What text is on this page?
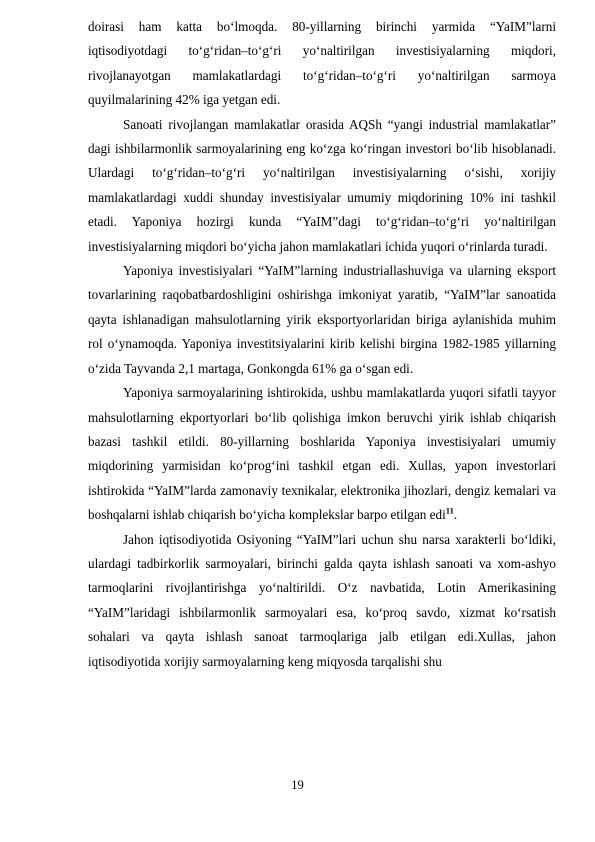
doirasi ham katta bo‘lmoqda. 80-yillarning birinchi yarmida “YaIM”larni iqtisodiyotdagi to‘g‘ridan–to‘g‘ri yo‘naltirilgan investisiyalarning miqdori, rivojlanayotgan mamlakatlardagi to‘g‘ridan–to‘g‘ri yo‘naltirilgan sarmoya quyilmalarining 42% iga yetgan edi.

Sanoati rivojlangan mamlakatlar orasida AQSh “yangi industrial mamlakatlar” dagi ishbilarmonlik sarmoyalarining eng ko‘zga ko‘ringan investori bo‘lib hisoblanadi. Ulardagi to‘g‘ridan–to‘g‘ri yo‘naltirilgan investisiyalarning o‘sishi, xorijiy mamlakatlardagi xuddi shunday investisiyalar umumiy miqdorining 10% ini tashkil etadi. Yaponiya hozirgi kunda “YaIM”dagi to‘g‘ridan–to‘g‘ri yo‘naltirilgan investisiyalarning miqdori bo‘yicha jahon mamlakatlari ichida yuqori o‘rinlarda turadi.

Yaponiya investisiyalari “YaIM”larning industriallashuviga va ularning eksport tovarlarining raqobatbardoshligini oshirishga imkoniyat yaratib, “YaIM”lar sanoatida qayta ishlanadigan mahsulotlarning yirik eksportyorlaridan biriga aylanishida muhim rol o‘ynamoqda. Yaponiya investitsiyalarini kirib kelishi birgina 1982-1985 yillarning o‘zida Tayvanda 2,1 martaga, Gonkongda 61% ga o‘sgan edi.

Yaponiya sarmoyalarining ishtirokida, ushbu mamlakatlarda yuqori sifatli tayyor mahsulotlarning ekportyorlari bo‘lib qolishiga imkon beruvchi yirik ishlab chiqarish bazasi tashkil etildi. 80-yillarning boshlarida Yaponiya investisiyalari umumiy miqdorining yarmisidan ko‘prog‘ini tashkil etgan edi. Xullas, yapon investorlari ishtirokida “YaIM”larda zamonaviy texnikalar, elektronika jihozlari, dengiz kemalari va boshqalarni ishlab chiqarish bo‘yicha komplekslar barpo etilgan edi$^{11}$.

Jahon iqtisodiyotida Osiyoning “YaIM”lari uchun shu narsa xarakterli bo‘ldiki, ulardagi tadbirkorlik sarmoyalari, birinchi galda qayta ishlash sanoati va xom-ashyo tarmoqlarini rivojlantirishga yo‘naltirildi. O‘z navbatida, Lotin Amerikasining “YaIM”laridagi ishbilarmonlik sarmoyalari esa, ko‘proq savdo, xizmat ko‘rsatish sohalari va qayta ishlash sanoat tarmoqlariga jalb etilgan edi.Xullas, jahon iqtisodiyotida xorijiy sarmoyalarning keng miqyosda tarqalishi shu

19
